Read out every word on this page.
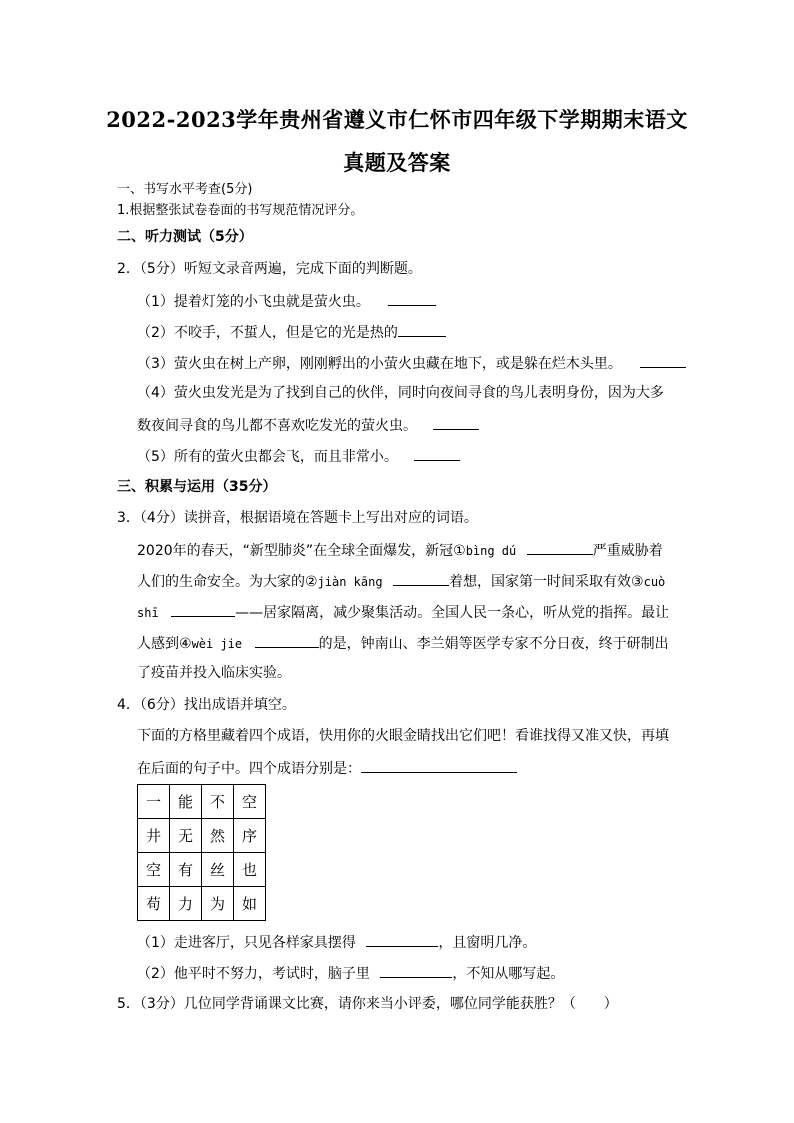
2022-2023学年贵州省遵义市仁怀市四年级下学期期末语文
真题及答案
一、书写水平考查(5分)
1.根据整张试卷卷面的书写规范情况评分。
二、听力测试（5分）
2．（5分）听短文录音两遍，完成下面的判断题。
（1）提着灯笼的小飞虫就是萤火虫。
（2）不咬手，不蜇人，但是它的光是热的
（3）萤火虫在树上产卵，刚刚孵出的小萤火虫藏在地下，或是躲在烂木头里。
（4）萤火虫发光是为了找到自己的伙伴，同时向夜间寻食的鸟儿表明身份，因为大多
数夜间寻食的鸟儿都不喜欢吃发光的萤火虫。
（5）所有的萤火虫都会飞，而且非常小。
三、积累与运用（35分）
3．（4分）读拼音，根据语境在答题卡上写出对应的词语。
2020年的春天，“新型肺炎”在全球全面爆发，新冠①bìng dú	严重威胁着
人们的生命安全。为大家的②jiàn kāng	着想，国家第一时间采取有效③cuò
shī	——居家隔离，减少聚集活动。全国人民一条心，听从党的指挥。最让
人感到④wèi jie	的是，钟南山、李兰娟等医学专家不分日夜，终于研制出
了疫苗并投入临床实验。
4．（6分）找出成语并填空。
下面的方格里藏着四个成语，快用你的火眼金睛找出它们吧！看谁找得又准又快，再填
在后面的句子中。四个成语分别是：
一	能	不	空
井	无	然	序
空	有	丝	也
苟	力	为	如
（1）走进客厅，只见各样家具摆得	，且窗明几净。
（2）他平时不努力，考试时，脑子里	，不知从哪写起。
5．（3分）几位同学背诵课文比赛，请你来当小评委，哪位同学能获胜？（　　）
